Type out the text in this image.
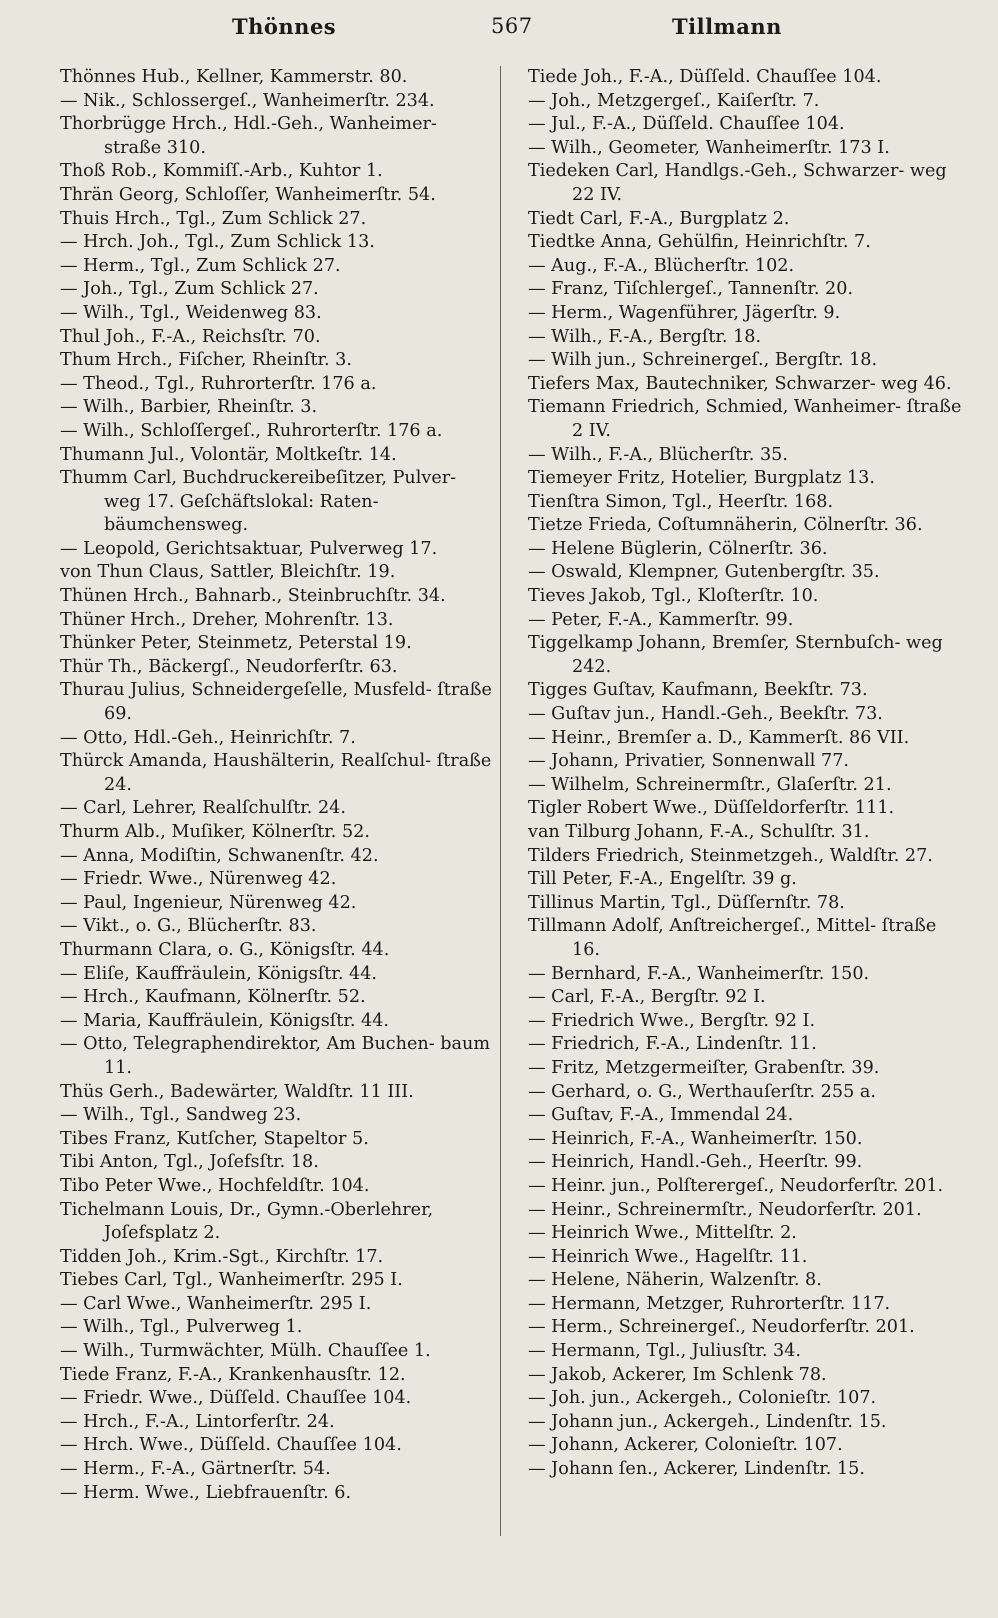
Thönnes	567	Tillmann
Thönnes Hub., Kellner, Kammerstr. 80.
— Nik., Schlossergeſ., Wanheimerſtr. 234.
Thorbrügge Hrch., Hdl.-Geh., Wanheimer- straße 310.
Thoß Rob., Kommiſſ.-Arb., Kuhtor 1.
Thrän Georg, Schloſſer, Wanheimerſtr. 54.
Thuis Hrch., Tgl., Zum Schlick 27.
— Hrch. Joh., Tgl., Zum Schlick 13.
— Herm., Tgl., Zum Schlick 27.
— Joh., Tgl., Zum Schlick 27.
— Wilh., Tgl., Weidenweg 83.
Thul Joh., F.-A., Reichsſtr. 70.
Thum Hrch., Fiſcher, Rheinſtr. 3.
— Theod., Tgl., Ruhrorterſtr. 176 a.
— Wilh., Barbier, Rheinſtr. 3.
— Wilh., Schloſſergeſ., Ruhrorterſtr. 176 a.
Thumann Jul., Volontär, Moltkeſtr. 14.
Thumm Carl, Buchdruckereibeſitzer, Pulver- weg 17. Geſchäftslokal: Raten- bäumchensweg.
— Leopold, Gerichtsaktuar, Pulverweg 17.
von Thun Claus, Sattler, Bleichſtr. 19.
Thünen Hrch., Bahnarb., Steinbruchſtr. 34.
Thüner Hrch., Dreher, Mohrenſtr. 13.
Thünker Peter, Steinmetz, Peterstal 19.
Thür Th., Bäckergſ., Neudorferſtr. 63.
Thurau Julius, Schneidergeſelle, Musfeld- ſtraße 69.
— Otto, Hdl.-Geh., Heinrichſtr. 7.
Thürck Amanda, Haushälterin, Realſchul- ſtraße 24.
— Carl, Lehrer, Realſchulſtr. 24.
Thurm Alb., Muſiker, Kölnerſtr. 52.
— Anna, Modiſtin, Schwanenſtr. 42.
— Friedr. Wwe., Nürenweg 42.
— Paul, Ingenieur, Nürenweg 42.
— Vikt., o. G., Blücherſtr. 83.
Thurmann Clara, o. G., Königsſtr. 44.
— Eliſe, Kauffräulein, Königsſtr. 44.
— Hrch., Kaufmann, Kölnerſtr. 52.
— Maria, Kauffräulein, Königsſtr. 44.
— Otto, Telegraphendirektor, Am Buchen- baum 11.
Thüs Gerh., Badewärter, Waldſtr. 11 III.
— Wilh., Tgl., Sandweg 23.
Tibes Franz, Kutſcher, Stapeltor 5.
Tibi Anton, Tgl., Joſefsſtr. 18.
Tibo Peter Wwe., Hochfeldſtr. 104.
Tichelmann Louis, Dr., Gymn.-Oberlehrer, Joſefsplatz 2.
Tidden Joh., Krim.-Sgt., Kirchſtr. 17.
Tiebes Carl, Tgl., Wanheimerſtr. 295 I.
— Carl Wwe., Wanheimerſtr. 295 I.
— Wilh., Tgl., Pulverweg 1.
— Wilh., Turmwächter, Mülh. Chauſſee 1.
Tiede Franz, F.-A., Krankenhausſtr. 12.
— Friedr. Wwe., Düſſeld. Chauſſee 104.
— Hrch., F.-A., Lintorferſtr. 24.
— Hrch. Wwe., Düſſeld. Chauſſee 104.
— Herm., F.-A., Gärtnerſtr. 54.
— Herm. Wwe., Liebfrauenſtr. 6.
Tiede Joh., F.-A., Düſſeld. Chauſſee 104.
— Joh., Metzgergeſ., Kaiſerſtr. 7.
— Jul., F.-A., Düſſeld. Chauſſee 104.
— Wilh., Geometer, Wanheimerſtr. 173 I.
Tiedeken Carl, Handlgs.-Geh., Schwarzer- weg 22 IV.
Tiedt Carl, F.-A., Burgplatz 2.
Tiedtke Anna, Gehülfin, Heinrichſtr. 7.
— Aug., F.-A., Blücherſtr. 102.
— Franz, Tiſchlergeſ., Tannenſtr. 20.
— Herm., Wagenführer, Jägerſtr. 9.
— Wilh., F.-A., Bergſtr. 18.
— Wilh jun., Schreinergeſ., Bergſtr. 18.
Tiefers Max, Bautechniker, Schwarzer- weg 46.
Tiemann Friedrich, Schmied, Wanheimer- ſtraße 2 IV.
— Wilh., F.-A., Blücherſtr. 35.
Tiemeyer Fritz, Hotelier, Burgplatz 13.
Tienſtra Simon, Tgl., Heerſtr. 168.
Tietze Frieda, Coſtumnäherin, Cölnerſtr. 36.
— Helene Büglerin, Cölnerſtr. 36.
— Oswald, Klempner, Gutenbergſtr. 35.
Tieves Jakob, Tgl., Kloſterſtr. 10.
— Peter, F.-A., Kammerſtr. 99.
Tiggelkamp Johann, Bremſer, Sternbuſch- weg 242.
Tigges Guſtav, Kaufmann, Beekſtr. 73.
— Guſtav jun., Handl.-Geh., Beekſtr. 73.
— Heinr., Bremſer a. D., Kammerſt. 86 VII.
— Johann, Privatier, Sonnenwall 77.
— Wilhelm, Schreinermſtr., Glaſerſtr. 21.
Tigler Robert Wwe., Düſſeldorferſtr. 111.
van Tilburg Johann, F.-A., Schulſtr. 31.
Tilders Friedrich, Steinmetzgeh., Waldſtr. 27.
Till Peter, F.-A., Engelſtr. 39 g.
Tillinus Martin, Tgl., Düſſernſtr. 78.
Tillmann Adolf, Anſtreichergeſ., Mittel- ſtraße 16.
— Bernhard, F.-A., Wanheimerſtr. 150.
— Carl, F.-A., Bergſtr. 92 I.
— Friedrich Wwe., Bergſtr. 92 I.
— Friedrich, F.-A., Lindenſtr. 11.
— Fritz, Metzgermeiſter, Grabenſtr. 39.
— Gerhard, o. G., Werthauſerſtr. 255 a.
— Guſtav, F.-A., Immendal 24.
— Heinrich, F.-A., Wanheimerſtr. 150.
— Heinrich, Handl.-Geh., Heerſtr. 99.
— Heinr. jun., Polſterergeſ., Neudorferſtr. 201.
— Heinr., Schreinermſtr., Neudorferſtr. 201.
— Heinrich Wwe., Mittelſtr. 2.
— Heinrich Wwe., Hagelſtr. 11.
— Helene, Näherin, Walzenſtr. 8.
— Hermann, Metzger, Ruhrorterſtr. 117.
— Herm., Schreinergeſ., Neudorferſtr. 201.
— Hermann, Tgl., Juliusſtr. 34.
— Jakob, Ackerer, Im Schlenk 78.
— Joh. jun., Ackergeh., Colonieſtr. 107.
— Johann jun., Ackergeh., Lindenſtr. 15.
— Johann, Ackerer, Colonieſtr. 107.
— Johann ſen., Ackerer, Lindenſtr. 15.
